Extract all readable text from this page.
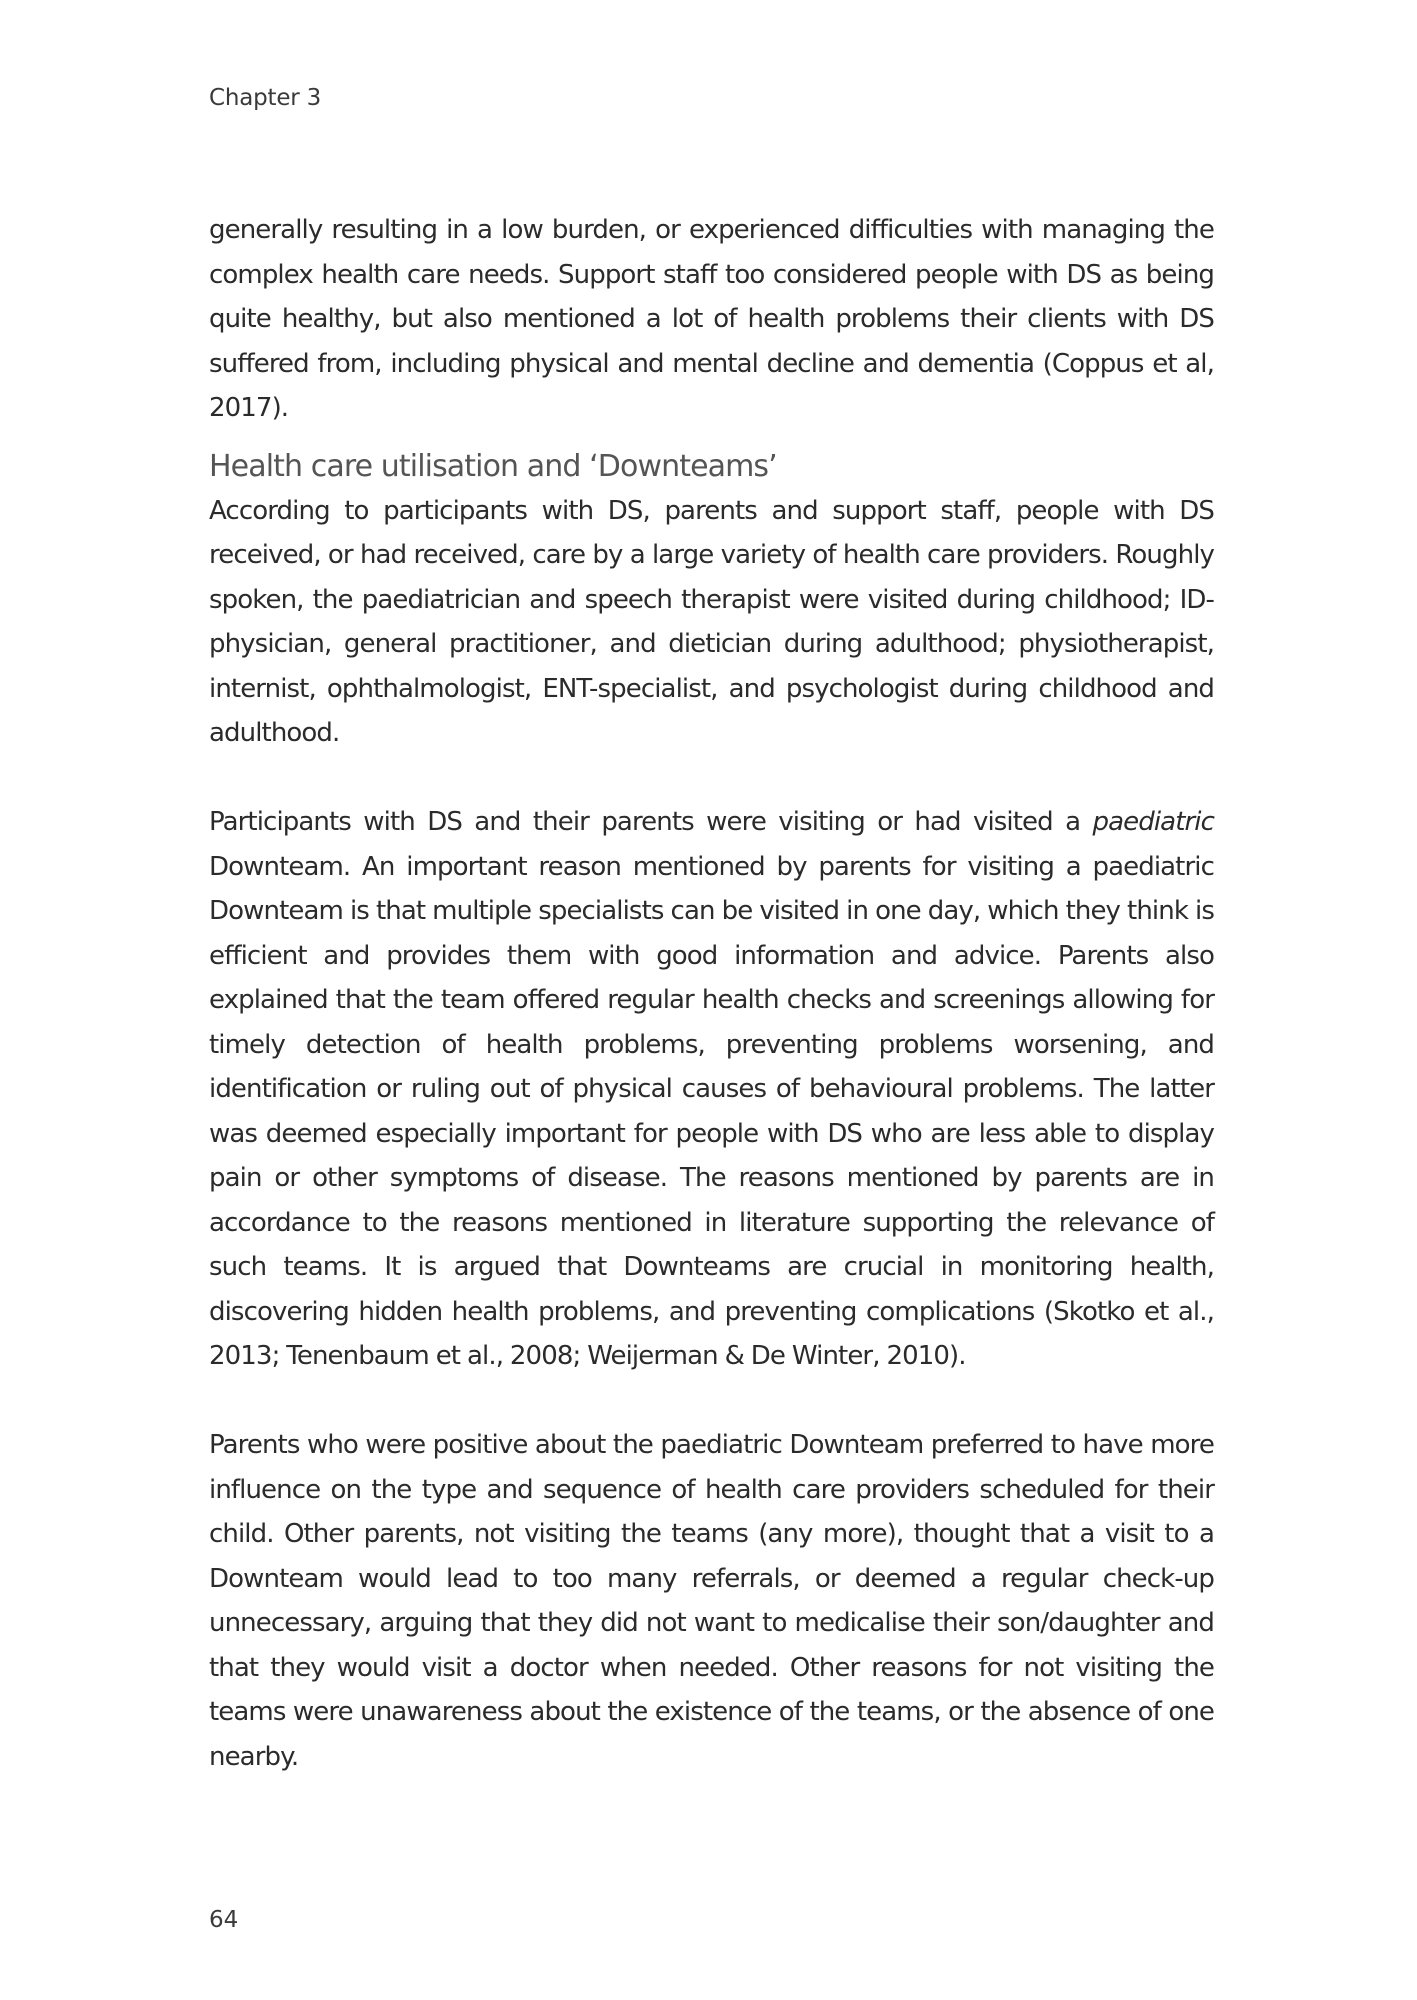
Chapter 3

generally resulting in a low burden, or experienced difficulties with managing the complex health care needs. Support staff too considered people with DS as being quite healthy, but also mentioned a lot of health problems their clients with DS suffered from, including physical and mental decline and dementia (Coppus et al, 2017).

Health care utilisation and ‘Downteams’

According to participants with DS, parents and support staff, people with DS received, or had received, care by a large variety of health care providers. Roughly spoken, the paediatrician and speech therapist were visited during childhood; ID-physician, general practitioner, and dietician during adulthood; physiotherapist, internist, ophthalmologist, ENT-specialist, and psychologist during childhood and adulthood.

Participants with DS and their parents were visiting or had visited a paediatric Downteam. An important reason mentioned by parents for visiting a paediatric Downteam is that multiple specialists can be visited in one day, which they think is efficient and provides them with good information and advice. Parents also explained that the team offered regular health checks and screenings allowing for timely detection of health problems, preventing problems worsening, and identification or ruling out of physical causes of behavioural problems. The latter was deemed especially important for people with DS who are less able to display pain or other symptoms of disease. The reasons mentioned by parents are in accordance to the reasons mentioned in literature supporting the relevance of such teams. It is argued that Downteams are crucial in monitoring health, discovering hidden health problems, and preventing complications (Skotko et al., 2013; Tenenbaum et al., 2008; Weijerman & De Winter, 2010).

Parents who were positive about the paediatric Downteam preferred to have more influence on the type and sequence of health care providers scheduled for their child. Other parents, not visiting the teams (any more), thought that a visit to a Downteam would lead to too many referrals, or deemed a regular check-up unnecessary, arguing that they did not want to medicalise their son/daughter and that they would visit a doctor when needed. Other reasons for not visiting the teams were unawareness about the existence of the teams, or the absence of one nearby.

64
